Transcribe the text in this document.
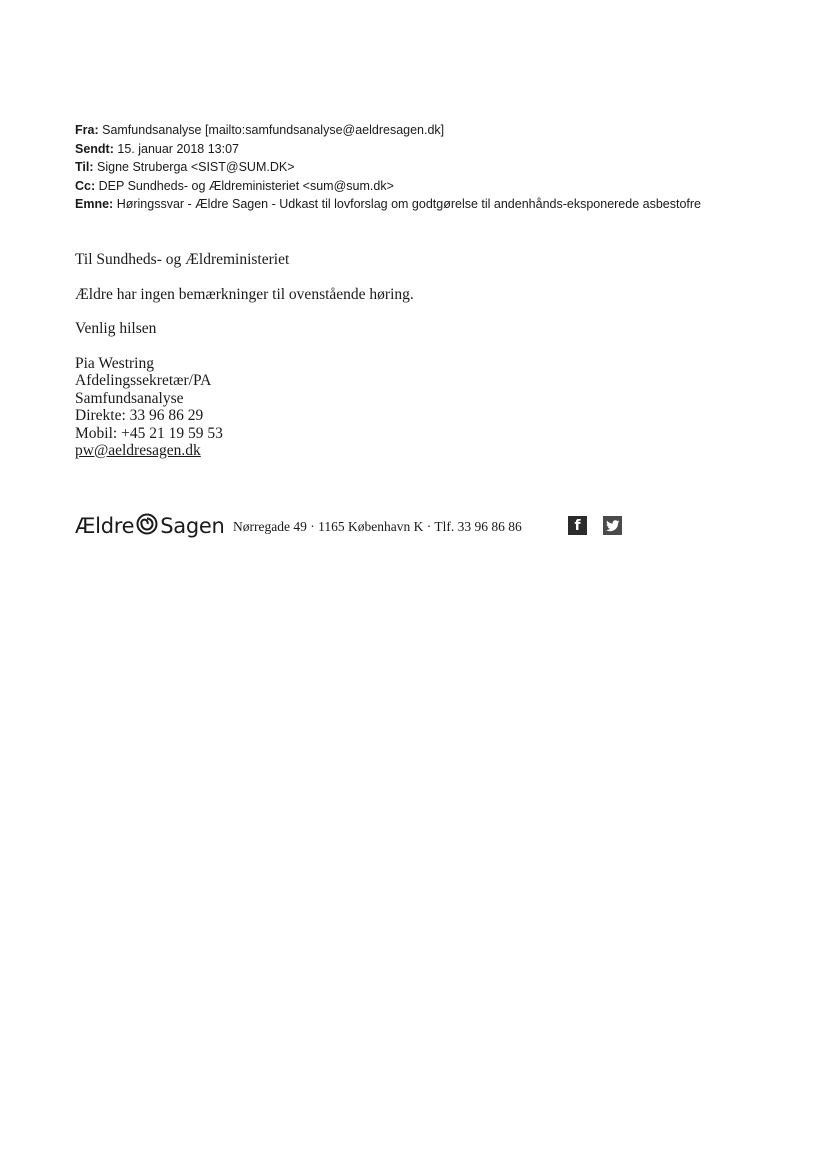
Fra: Samfundsanalyse [mailto:samfundsanalyse@aeldresagen.dk]
Sendt: 15. januar 2018 13:07
Til: Signe Struberga <SIST@SUM.DK>
Cc: DEP Sundheds- og Ældreministeriet <sum@sum.dk>
Emne: Høringssvar - Ældre Sagen - Udkast til lovforslag om godtgørelse til andenhånds-eksponerede asbestofre

Til Sundheds- og Ældreministeriet

Ældre har ingen bemærkninger til ovenstående høring.

Venlig hilsen

Pia Westring
Afdelingssekretær/PA
Samfundsanalyse
Direkte: 33 96 86 29
Mobil: +45 21 19 59 53
pw@aeldresagen.dk
Ældre Sagen Nørregade 49 · 1165 København K · Tlf. 33 96 86 86	f
